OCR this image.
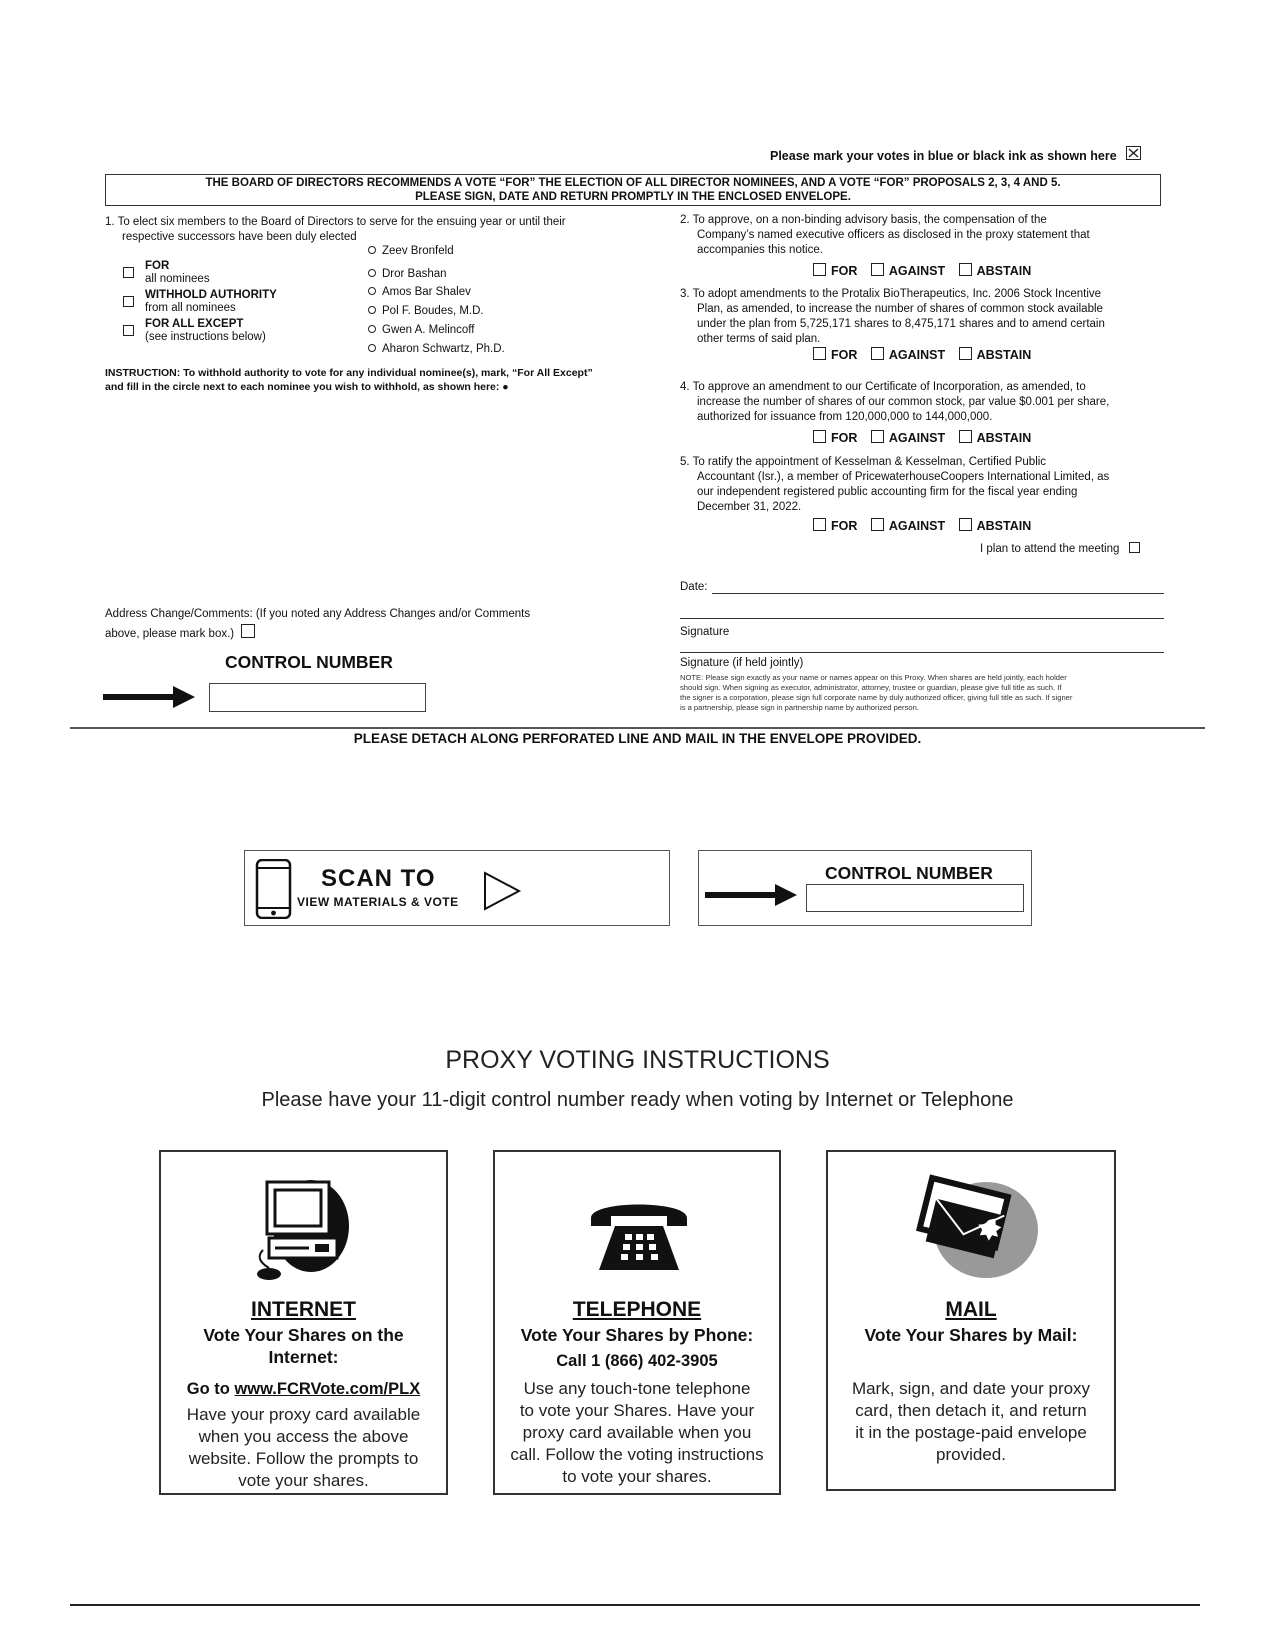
Please mark your votes in blue or black ink as shown here
THE BOARD OF DIRECTORS RECOMMENDS A VOTE “FOR” THE ELECTION OF ALL DIRECTOR NOMINEES, AND A VOTE “FOR” PROPOSALS 2, 3, 4 AND 5.
PLEASE SIGN, DATE AND RETURN PROMPTLY IN THE ENCLOSED ENVELOPE.
1. To elect six members to the Board of Directors to serve for the ensuing year or until their
respective successors have been duly elected
FOR
all nominees
WITHHOLD AUTHORITY
from all nominees
FOR ALL EXCEPT
(see instructions below)
Zeev Bronfeld
Dror Bashan
Amos Bar Shalev
Pol F. Boudes, M.D.
Gwen A. Melincoff
Aharon Schwartz, Ph.D.
INSTRUCTION: To withhold authority to vote for any individual nominee(s), mark, “For All Except”
and fill in the circle next to each nominee you wish to withhold, as shown here: ●
2. To approve, on a non-binding advisory basis, the compensation of the
Company’s named executive officers as disclosed in the proxy statement that
accompanies this notice.
FOR	AGAINST	ABSTAIN
3. To adopt amendments to the Protalix BioTherapeutics, Inc. 2006 Stock Incentive
Plan, as amended, to increase the number of shares of common stock available
under the plan from 5,725,171 shares to 8,475,171 shares and to amend certain
other terms of said plan.
FOR	AGAINST	ABSTAIN
4. To approve an amendment to our Certificate of Incorporation, as amended, to
increase the number of shares of our common stock, par value $0.001 per share,
authorized for issuance from 120,000,000 to 144,000,000.
FOR	AGAINST	ABSTAIN
5. To ratify the appointment of Kesselman & Kesselman, Certified Public
Accountant (Isr.), a member of PricewaterhouseCoopers International Limited, as
our independent registered public accounting firm for the fiscal year ending
December 31, 2022.
FOR	AGAINST	ABSTAIN
I plan to attend the meeting
Date:
Signature
Signature (if held jointly)
NOTE: Please sign exactly as your name or names appear on this Proxy. When shares are held jointly, each holder
should sign. When signing as executor, administrator, attorney, trustee or guardian, please give full title as such. If
the signer is a corporation, please sign full corporate name by duly authorized officer, giving full title as such. If signer
is a partnership, please sign in partnership name by authorized person.
Address Change/Comments: (If you noted any Address Changes and/or Comments
above, please mark box.)
CONTROL NUMBER
PLEASE DETACH ALONG PERFORATED LINE AND MAIL IN THE ENVELOPE PROVIDED.
SCAN TO
VIEW MATERIALS & VOTE
CONTROL NUMBER
PROXY VOTING INSTRUCTIONS
Please have your 11-digit control number ready when voting by Internet or Telephone
INTERNET
Vote Your Shares on the
Internet:
Go to www.FCRVote.com/PLX
Have your proxy card available
when you access the above
website. Follow the prompts to
vote your shares.
TELEPHONE
Vote Your Shares by Phone:
Call 1 (866) 402-3905
Use any touch-tone telephone
to vote your Shares. Have your
proxy card available when you
call. Follow the voting instructions
to vote your shares.
MAIL
Vote Your Shares by Mail:
Mark, sign, and date your proxy
card, then detach it, and return
it in the postage-paid envelope
provided.
